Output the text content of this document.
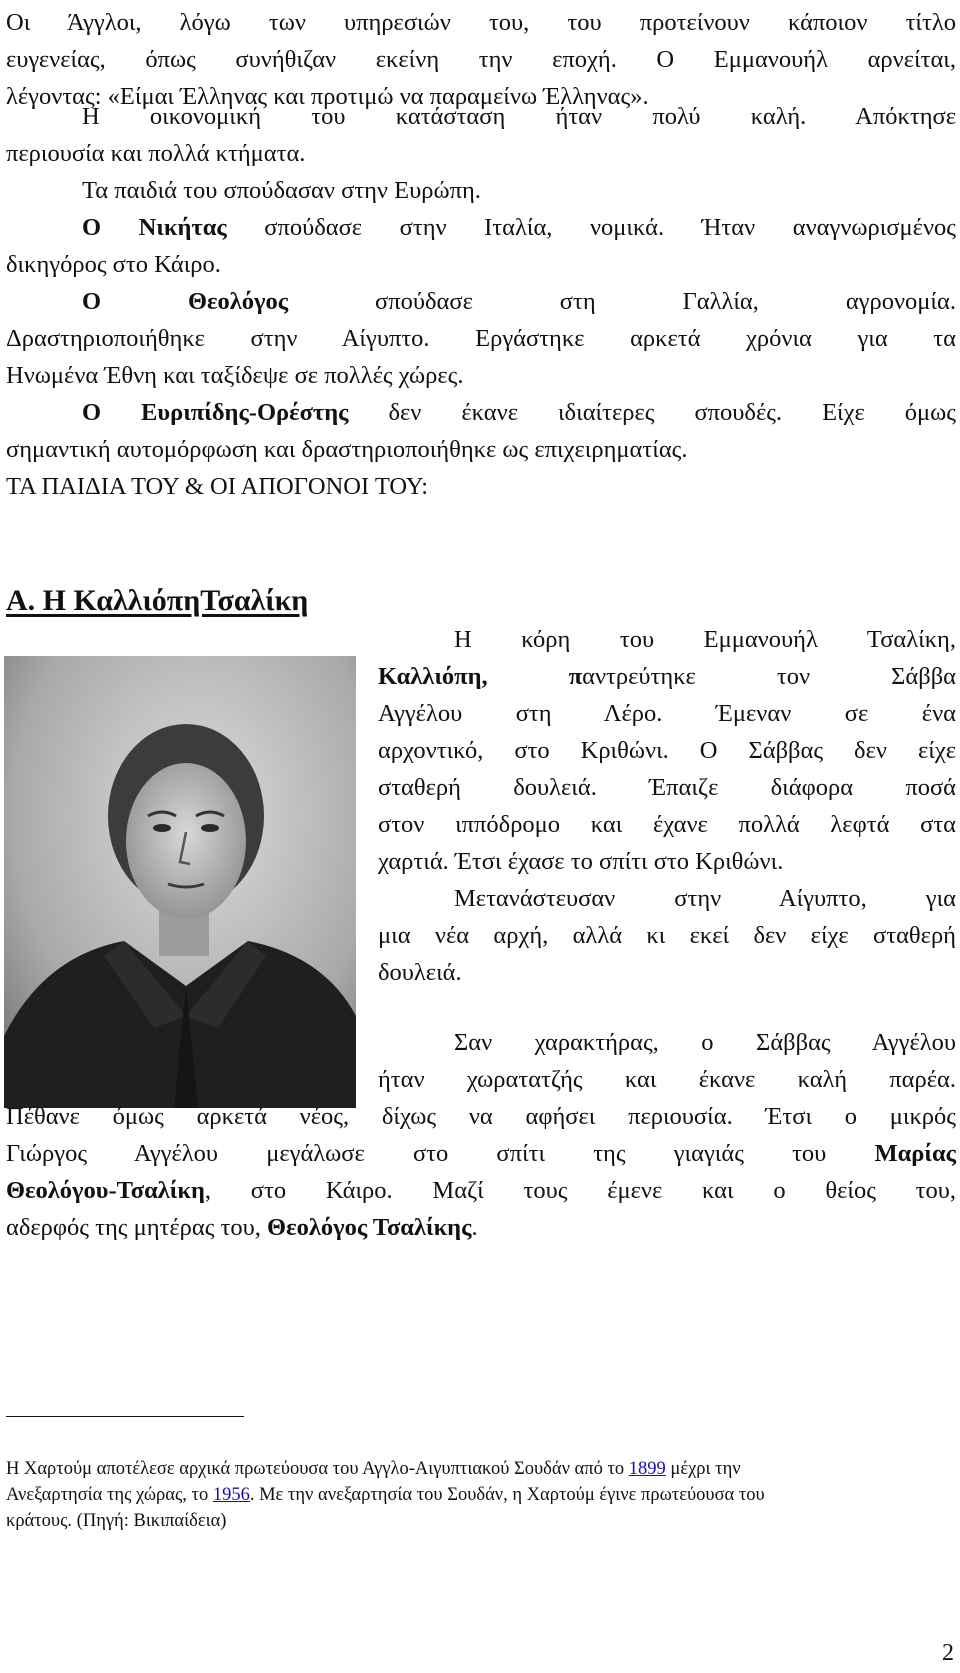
Οι Άγγλοι, λόγω των υπηρεσιών του, του προτείνουν κάποιον τίτλο
ευγενείας, όπως συνήθιζαν εκείνη την εποχή. Ο Εμμανουήλ αρνείται,
λέγοντας: «Είμαι Έλληνας και προτιμώ να παραμείνω Έλληνας».
Η οικονομική του κατάσταση ήταν πολύ καλή. Απόκτησε
περιουσία και πολλά κτήματα.
Τα παιδιά του σπούδασαν στην Ευρώπη.
Ο Νικήτας σπούδασε στην Ιταλία, νομικά. Ήταν αναγνωρισμένος
δικηγόρος στο Κάιρο.
Ο Θεολόγος σπούδασε στη Γαλλία, αγρονομία.
Δραστηριοποιήθηκε στην Αίγυπτο. Εργάστηκε αρκετά χρόνια για τα
Ηνωμένα Έθνη και ταξίδεψε σε πολλές χώρες.
Ο Ευριπίδης-Ορέστης δεν έκανε ιδιαίτερες σπουδές. Είχε όμως
σημαντική αυτομόρφωση και δραστηριοποιήθηκε ως επιχειρηματίας.
ΤΑ ΠΑΙΔΙΑ ΤΟΥ & ΟΙ ΑΠΟΓΟΝΟΙ ΤΟΥ:
Α. Η ΚαλλιόπηΤσαλίκη
Η κόρη του Εμμανουήλ Τσαλίκη,
Καλλιόπη, παντρεύτηκε τον Σάββα
Αγγέλου στη Λέρο. Έμεναν σε ένα
αρχοντικό, στο Κριθώνι. Ο Σάββας δεν είχε
σταθερή δουλειά. Έπαιζε διάφορα ποσά
στον ιππόδρομο και έχανε πολλά λεφτά στα
χαρτιά. Έτσι έχασε το σπίτι στο Κριθώνι.
Μετανάστευσαν στην Αίγυπτο, για
μια νέα αρχή, αλλά κι εκεί δεν είχε σταθερή
δουλειά.
Σαν χαρακτήρας, ο Σάββας Αγγέλου
ήταν χωρατατζής και έκανε καλή παρέα.
Πέθανε όμως αρκετά νέος, δίχως να αφήσει περιουσία. Έτσι ο μικρός
Γιώργος Αγγέλου μεγάλωσε στο σπίτι της γιαγιάς του Μαρίας
Θεολόγου-Τσαλίκη, στο Κάιρο. Μαζί τους έμενε και ο θείος του,
αδερφός της μητέρας του, Θεολόγος Τσαλίκης.
Η Χαρτούμ αποτέλεσε αρχικά πρωτεύουσα του Αγγλο-Αιγυπτιακού Σουδάν από το 1899 μέχρι την
Ανεξαρτησία της χώρας, το 1956. Με την ανεξαρτησία του Σουδάν, η Χαρτούμ έγινε πρωτεύουσα του
κράτους. (Πηγή: Βικιπαίδεια)
2
